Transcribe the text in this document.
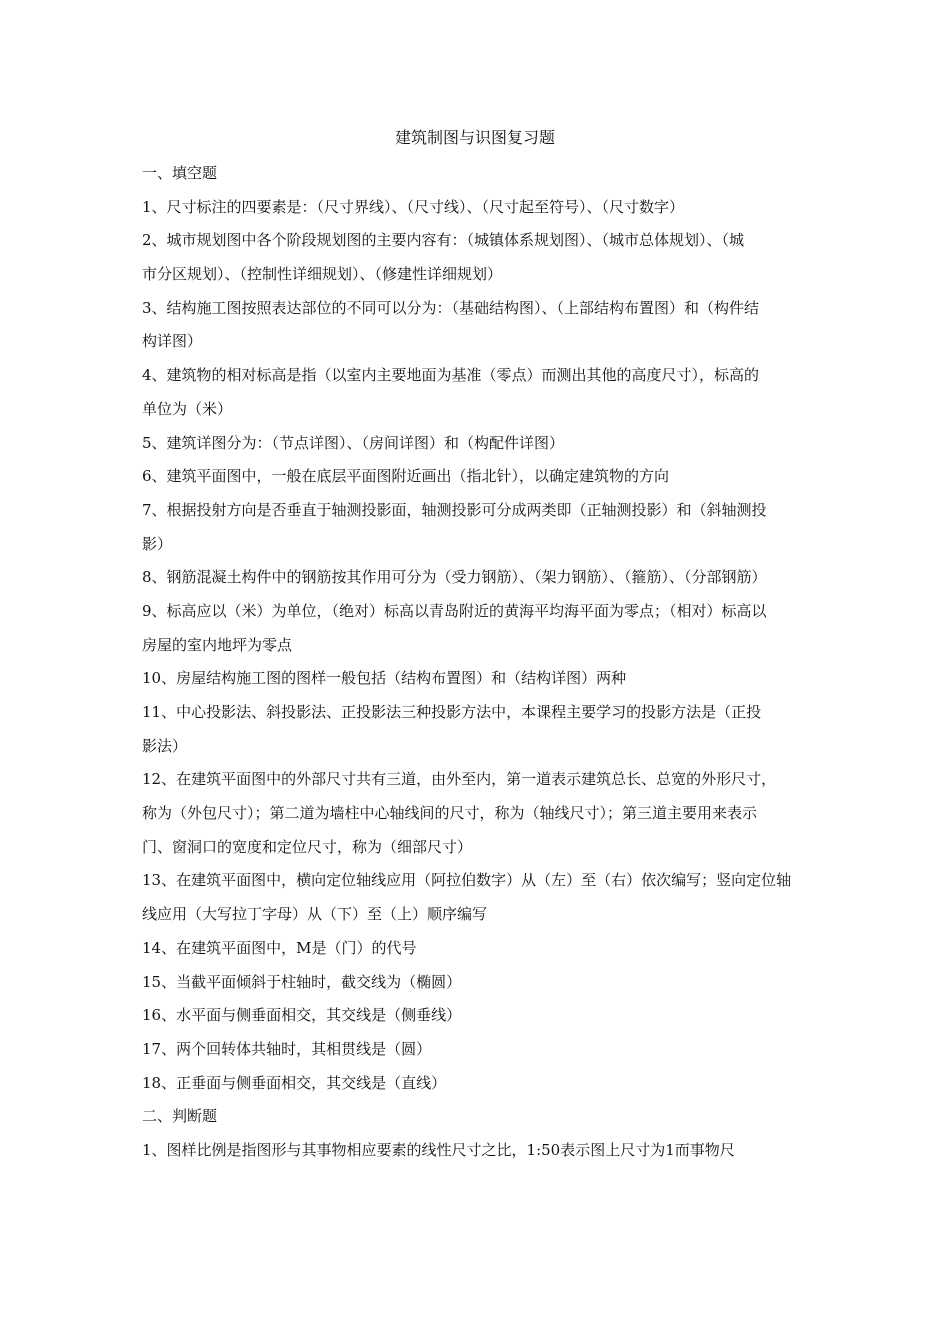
建筑制图与识图复习题
一、填空题
1、尺寸标注的四要素是：（尺寸界线）、（尺寸线）、（尺寸起至符号）、（尺寸数字）
2、城市规划图中各个阶段规划图的主要内容有：（城镇体系规划图）、（城市总体规划）、（城
市分区规划）、（控制性详细规划）、（修建性详细规划）
3、结构施工图按照表达部位的不同可以分为：（基础结构图）、（上部结构布置图）和（构件结
构详图）
4、建筑物的相对标高是指（以室内主要地面为基准（零点）而测出其他的高度尺寸），标高的
单位为（米）
5、建筑详图分为：（节点详图）、（房间详图）和（构配件详图）
6、建筑平面图中，一般在底层平面图附近画出（指北针），以确定建筑物的方向
7、根据投射方向是否垂直于轴测投影面，轴测投影可分成两类即（正轴测投影）和（斜轴测投
影）
8、钢筋混凝土构件中的钢筋按其作用可分为（受力钢筋）、（架力钢筋）、（箍筋）、（分部钢筋）
9、标高应以（米）为单位，（绝对）标高以青岛附近的黄海平均海平面为零点；（相对）标高以
房屋的室内地坪为零点
10、房屋结构施工图的图样一般包括（结构布置图）和（结构详图）两种
11、中心投影法、斜投影法、正投影法三种投影方法中，本课程主要学习的投影方法是（正投
影法）
12、在建筑平面图中的外部尺寸共有三道，由外至内，第一道表示建筑总长、总宽的外形尺寸，
称为（外包尺寸）；第二道为墙柱中心轴线间的尺寸，称为（轴线尺寸）；第三道主要用来表示
门、窗洞口的宽度和定位尺寸，称为（细部尺寸）
13、在建筑平面图中，横向定位轴线应用（阿拉伯数字）从（左）至（右）依次编写；竖向定位轴
线应用（大写拉丁字母）从（下）至（上）顺序编写
14、在建筑平面图中，M是（门）的代号
15、当截平面倾斜于柱轴时，截交线为（椭圆）
16、水平面与侧垂面相交，其交线是（侧垂线）
17、两个回转体共轴时，其相贯线是（圆）
18、正垂面与侧垂面相交，其交线是（直线）
二、判断题
1、图样比例是指图形与其事物相应要素的线性尺寸之比，1:50表示图上尺寸为1而事物尺
